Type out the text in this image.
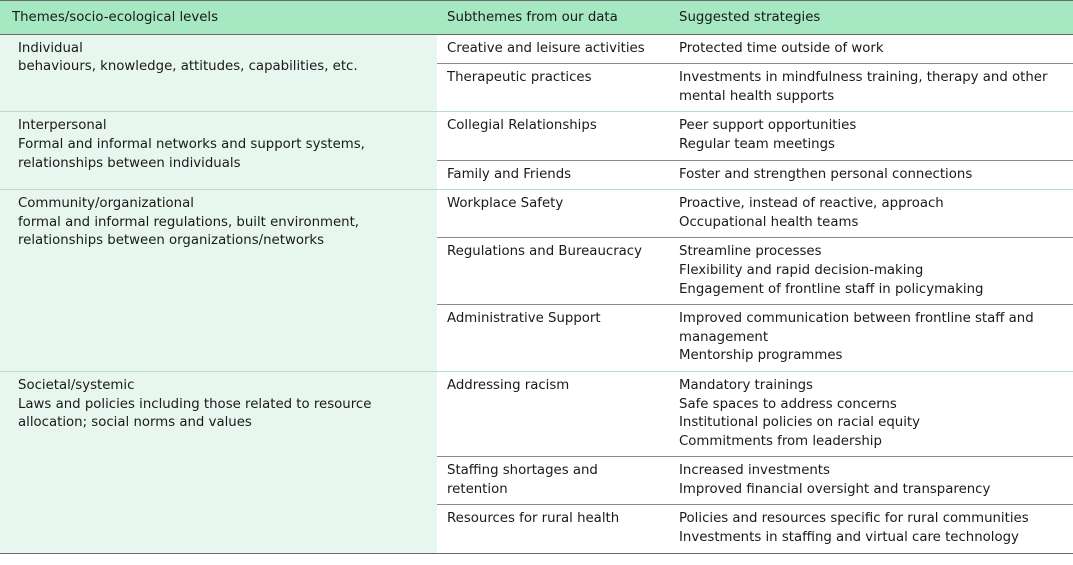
Themes/socio-ecological levels	Subthemes from our data	Suggested strategies

Individual
behaviours, knowledge, attitudes, capabilities, etc.	Creative and leisure activities	Protected time outside of work

	Therapeutic practices	Investments in mindfulness training, therapy and other mental health supports

Interpersonal
Formal and informal networks and support systems, relationships between individuals	Collegial Relationships	Peer support opportunities
Regular team meetings

	Family and Friends	Foster and strengthen personal connections

Community/organizational
formal and informal regulations, built environment, relationships between organizations/networks	Workplace Safety	Proactive, instead of reactive, approach
Occupational health teams

	Regulations and Bureaucracy	Streamline processes
Flexibility and rapid decision-making
Engagement of frontline staff in policymaking

	Administrative Support	Improved communication between frontline staff and management
Mentorship programmes

Societal/systemic
Laws and policies including those related to resource allocation; social norms and values	Addressing racism	Mandatory trainings
Safe spaces to address concerns
Institutional policies on racial equity
Commitments from leadership

	Staffing shortages and retention	Increased investments
Improved financial oversight and transparency

	Resources for rural health	Policies and resources specific for rural communities
Investments in staffing and virtual care technology
